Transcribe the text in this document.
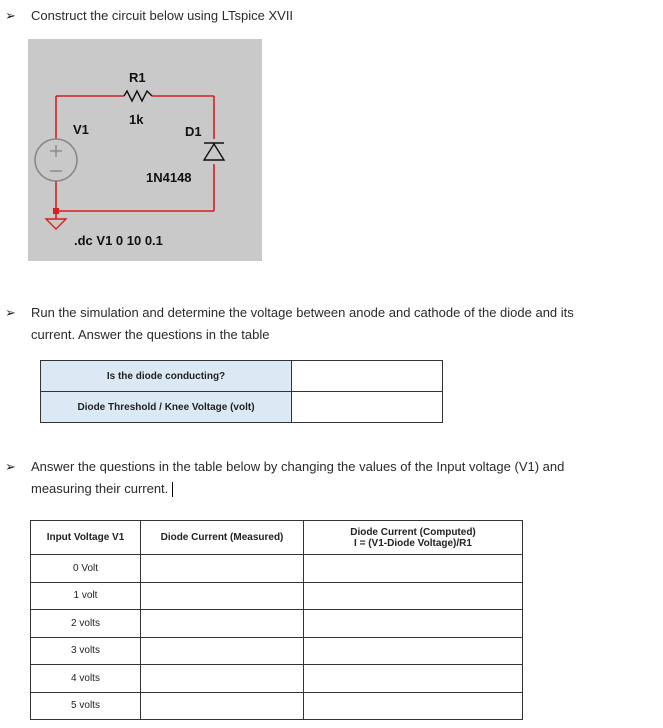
➢ Construct the circuit below using LTspice XVII
R1
1k
V1	D1
1N4148
.dc V1 0 10 0.1
➢ Run the simulation and determine the voltage between anode and cathode of the diode and its
current. Answer the questions in the table
Is the diode conducting?	
Diode Threshold / Knee Voltage (volt)	
➢ Answer the questions in the table below by changing the values of the Input voltage (V1) and
measuring their current.
Input Voltage V1	Diode Current (Measured)	Diode Current (Computed)
I = (V1-Diode Voltage)/R1

0 Volt		
1 volt		
2 volts		
3 volts		
4 volts		
5 volts		
